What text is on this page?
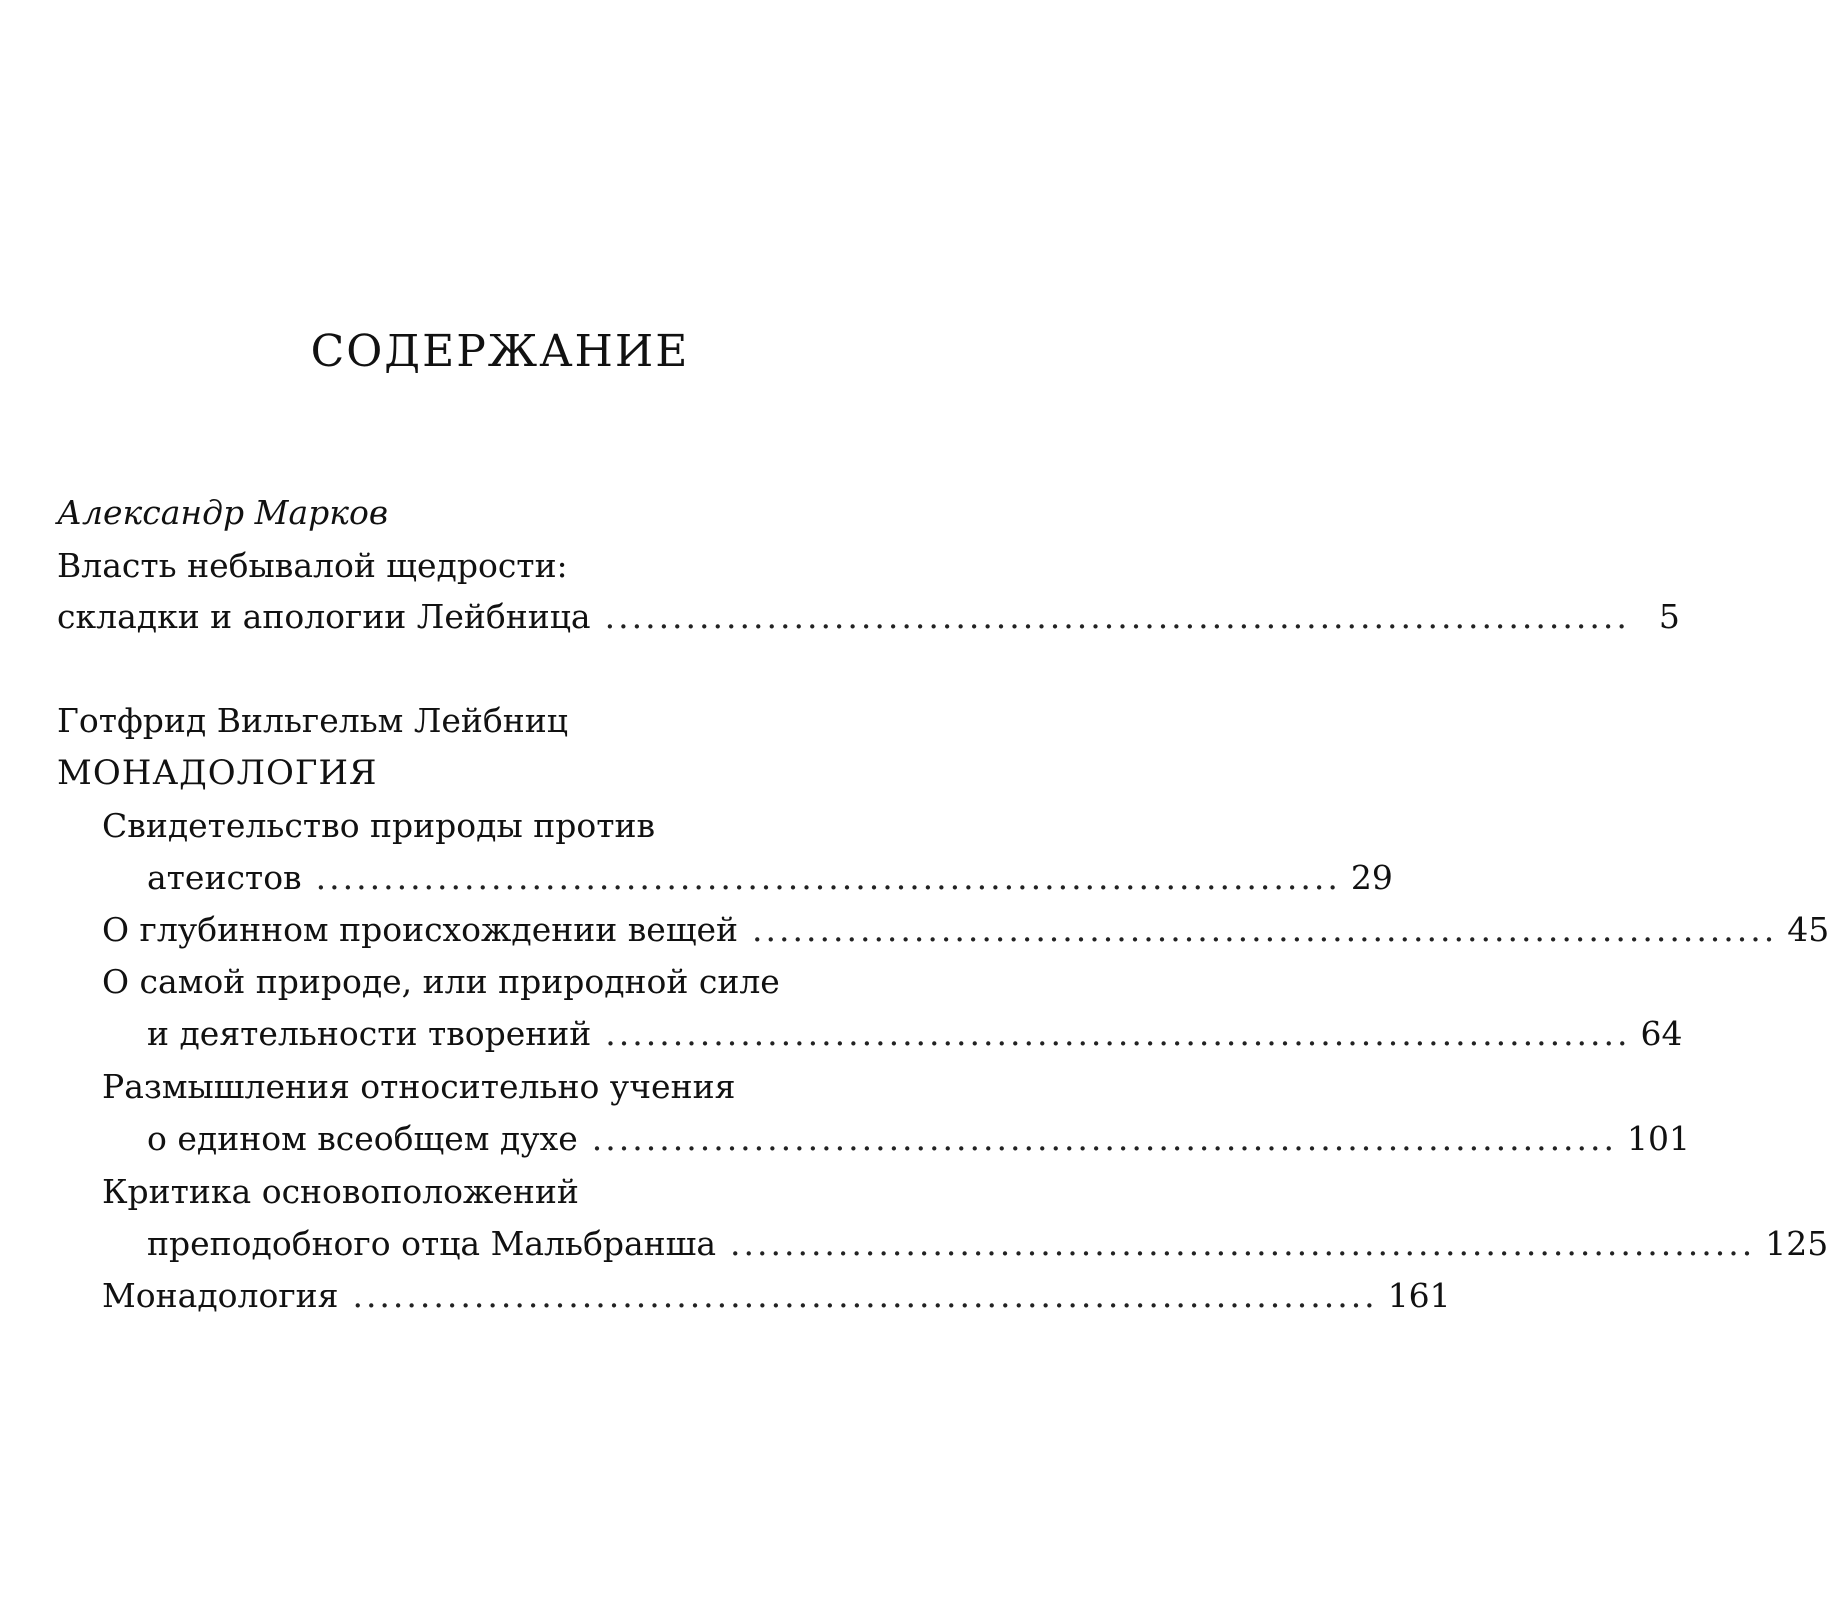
СОДЕРЖАНИЕ
Александр Марков
Власть небывалой щедрости:
складки и апологии Лейбница ............................................................................ 5
Готфрид Вильгельм Лейбниц
МОНАДОЛОГИЯ
Свидетельство природы против
атеистов ............................................................................ 29
О глубинном происхождении вещей ............................................................................ 45
О самой природе, или природной силе
и деятельности творений ............................................................................ 64
Размышления относительно учения
о едином всеобщем духе ............................................................................ 101
Критика основоположений
преподобного отца Мальбранша ............................................................................ 125
Монадология ............................................................................ 161
